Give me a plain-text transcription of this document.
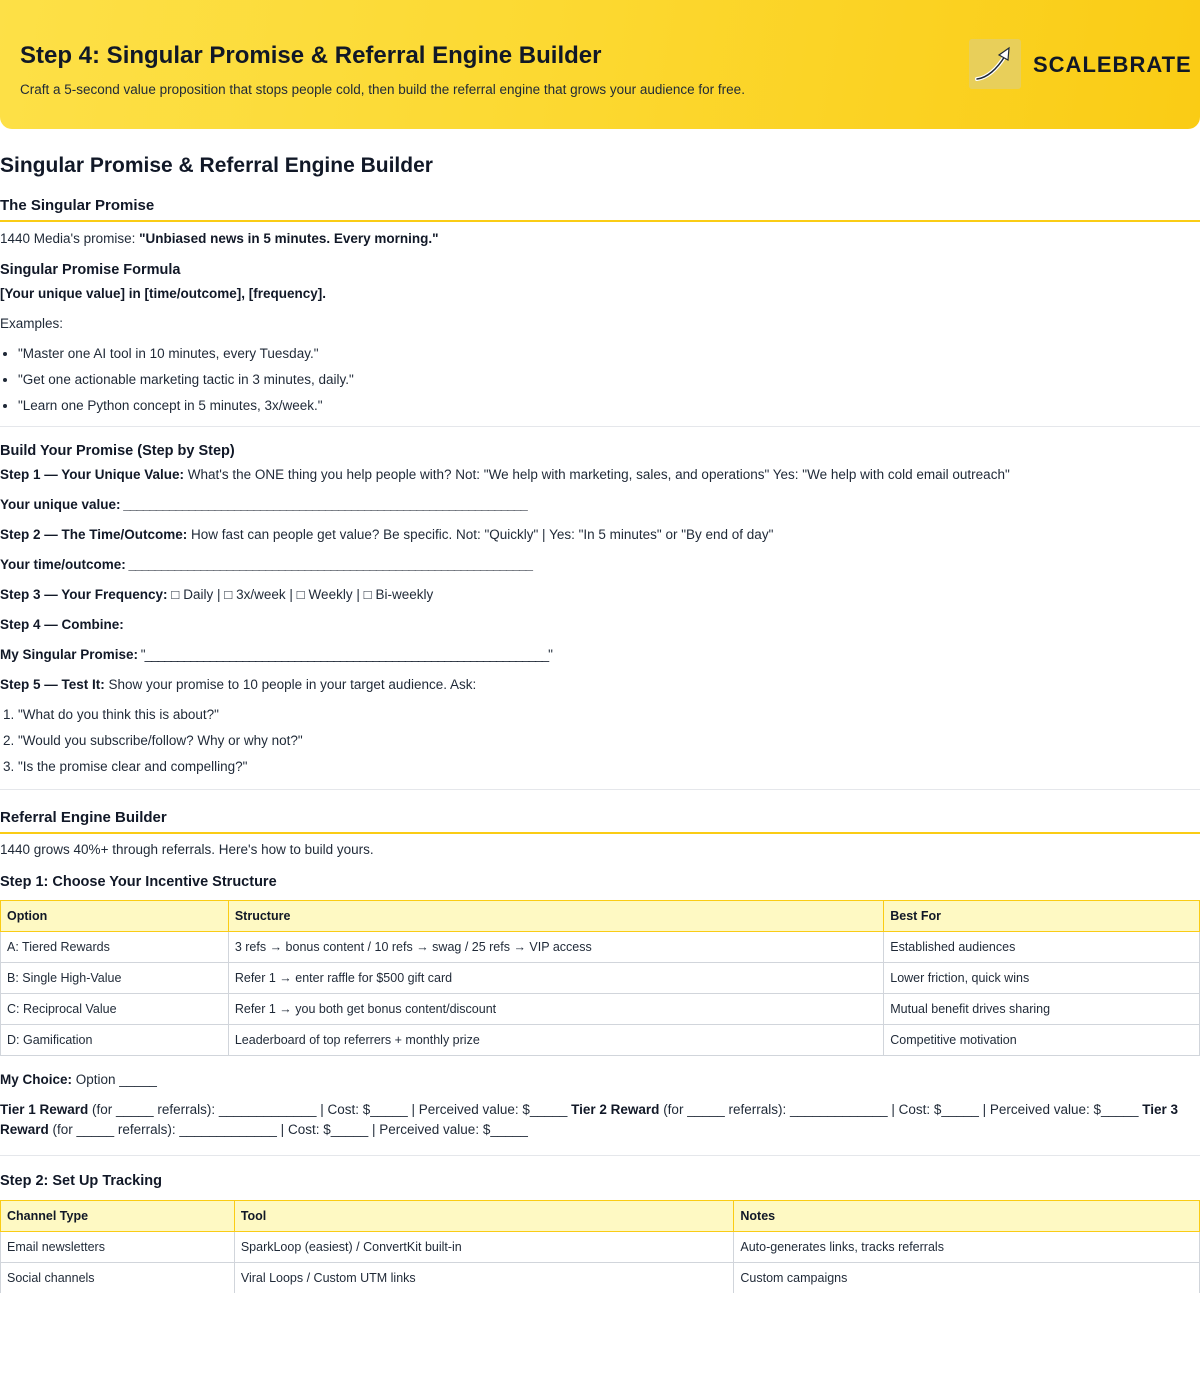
Step 4: Singular Promise & Referral Engine Builder

Craft a 5-second value proposition that stops people cold, then build the referral engine that grows your audience for free.

SCALEBRATE
Singular Promise & Referral Engine Builder
The Singular Promise

1440 Media's promise: "Unbiased news in 5 minutes. Every morning."

Singular Promise Formula

[Your unique value] in [time/outcome], [frequency].

Examples:

• "Master one AI tool in 10 minutes, every Tuesday."
• "Get one actionable marketing tactic in 3 minutes, daily."
• "Learn one Python concept in 5 minutes, 3x/week."
Build Your Promise (Step by Step)

Step 1 — Your Unique Value: What's the ONE thing you help people with? Not: "We help with marketing, sales, and operations" Yes: "We help with cold email outreach"

Your unique value: ______________________________________________________________

Step 2 — The Time/Outcome: How fast can people get value? Be specific. Not: "Quickly" | Yes: "In 5 minutes" or "By end of day"

Your time/outcome: ______________________________________________________________

Step 3 — Your Frequency: □ Daily | □ 3x/week | □ Weekly | □ Bi-weekly

Step 4 — Combine:

My Singular Promise: "______________________________________________________________"

Step 5 — Test It: Show your promise to 10 people in your target audience. Ask:

1. "What do you think this is about?"
2. "Would you subscribe/follow? Why or why not?"
3. "Is the promise clear and compelling?"
Referral Engine Builder

1440 grows 40%+ through referrals. Here's how to build yours.

Step 1: Choose Your Incentive Structure
Option	Structure	Best For
A: Tiered Rewards	3 refs → bonus content / 10 refs → swag / 25 refs → VIP access	Established audiences
B: Single High-Value	Refer 1 → enter raffle for $500 gift card	Lower friction, quick wins
C: Reciprocal Value	Refer 1 → you both get bonus content/discount	Mutual benefit drives sharing
D: Gamification	Leaderboard of top referrers + monthly prize	Competitive motivation

My Choice: Option _____

Tier 1 Reward (for _____ referrals): _____________ | Cost: $_____ | Perceived value: $_____ Tier 2 Reward (for _____ referrals): _____________ | Cost: $_____ | Perceived value: $_____ Tier 3 Reward (for _____ referrals): _____________ | Cost: $_____ | Perceived value: $_____

Step 2: Set Up Tracking
Channel Type	Tool	Notes
Email newsletters	SparkLoop (easiest) / ConvertKit built-in	Auto-generates links, tracks referrals
Social channels	Viral Loops / Custom UTM links	Custom campaigns
